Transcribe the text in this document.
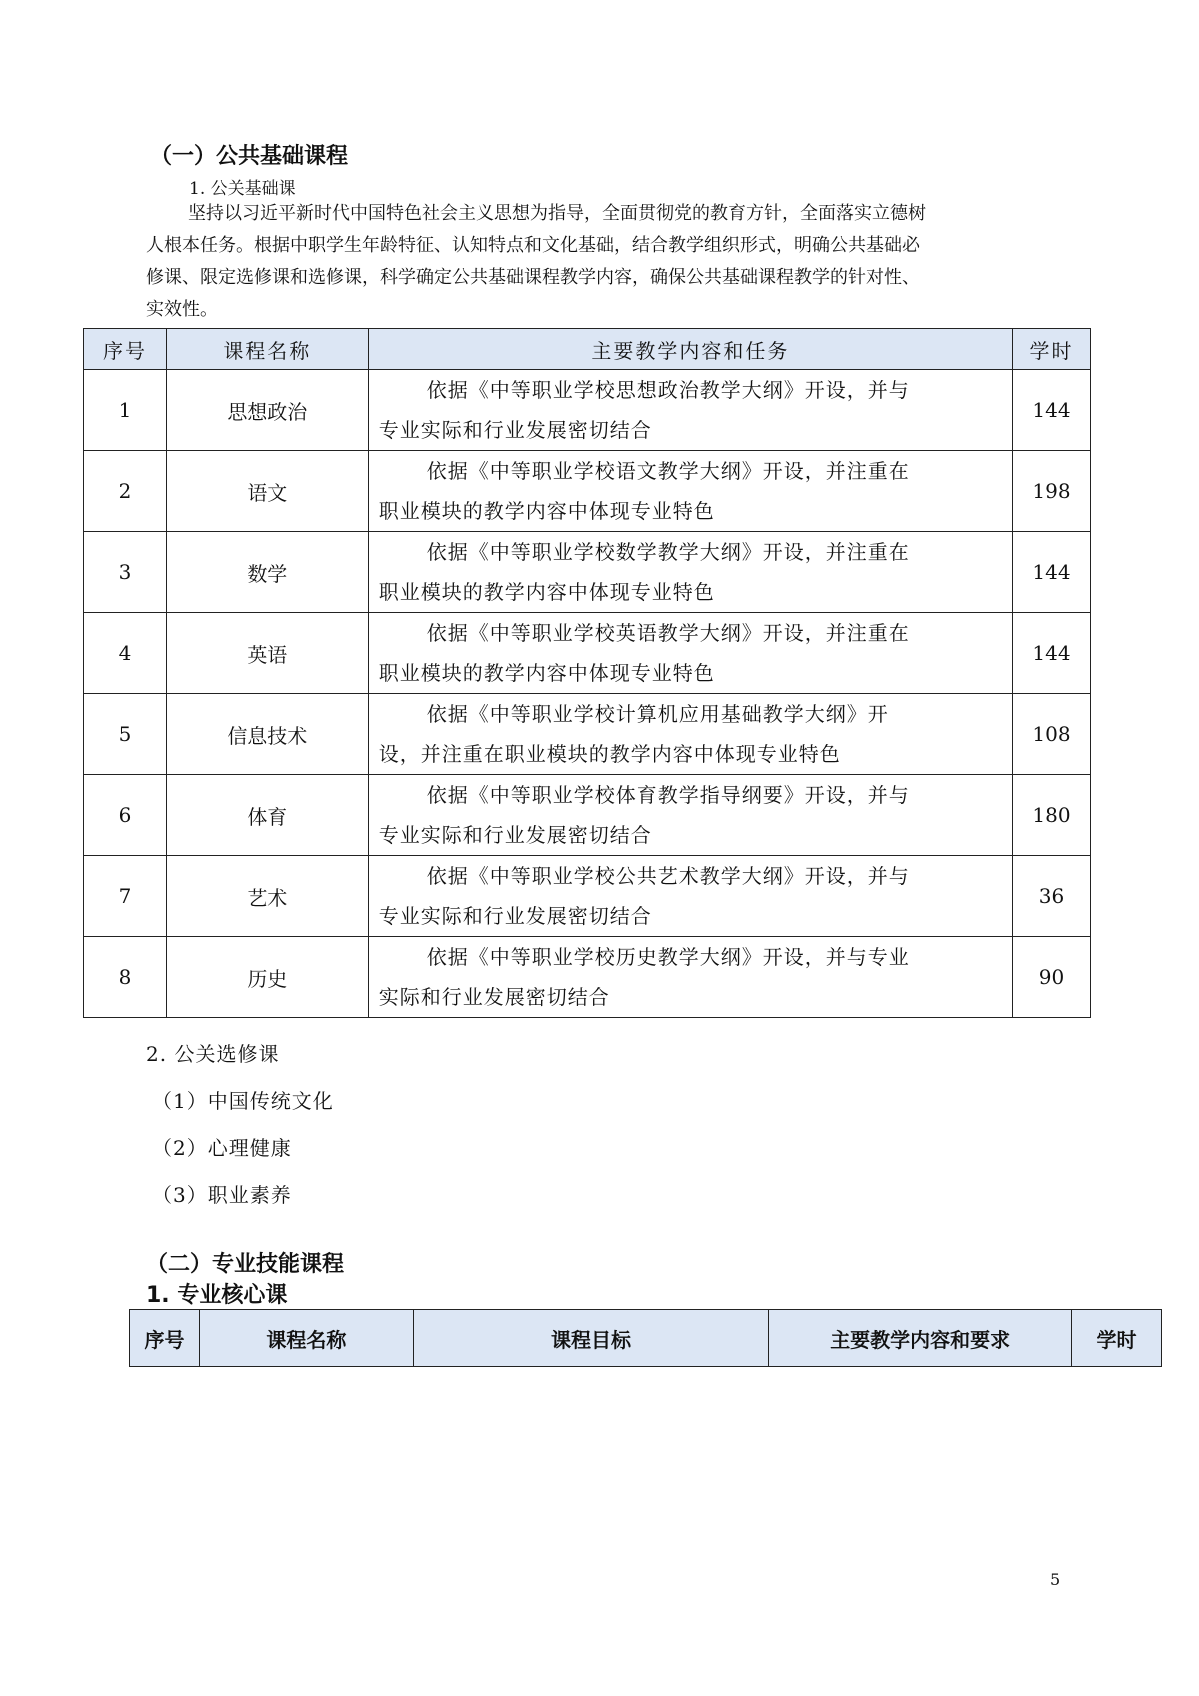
（一）公共基础课程
1. 公关基础课
坚持以习近平新时代中国特色社会主义思想为指导，全面贯彻党的教育方针，全面落实立德树
人根本任务。根据中职学生年龄特征、认知特点和文化基础，结合教学组织形式，明确公共基础必
修课、限定选修课和选修课，科学确定公共基础课程教学内容，确保公共基础课程教学的针对性、
实效性。
序号	课程名称	主要教学内容和任务	学时
1	思想政治	依据《中等职业学校思想政治教学大纲》开设，并与
专业实际和行业发展密切结合	144
2	语文	依据《中等职业学校语文教学大纲》开设，并注重在
职业模块的教学内容中体现专业特色	198
3	数学	依据《中等职业学校数学教学大纲》开设，并注重在
职业模块的教学内容中体现专业特色	144
4	英语	依据《中等职业学校英语教学大纲》开设，并注重在
职业模块的教学内容中体现专业特色	144
5	信息技术	依据《中等职业学校计算机应用基础教学大纲》开
设，并注重在职业模块的教学内容中体现专业特色	108
6	体育	依据《中等职业学校体育教学指导纲要》开设，并与
专业实际和行业发展密切结合	180
7	艺术	依据《中等职业学校公共艺术教学大纲》开设，并与
专业实际和行业发展密切结合	36
8	历史	依据《中等职业学校历史教学大纲》开设，并与专业
实际和行业发展密切结合	90
2. 公关选修课
（1）中国传统文化
（2）心理健康
（3）职业素养
（二）专业技能课程
1. 专业核心课
序号	课程名称	课程目标	主要教学内容和要求	学时
5
